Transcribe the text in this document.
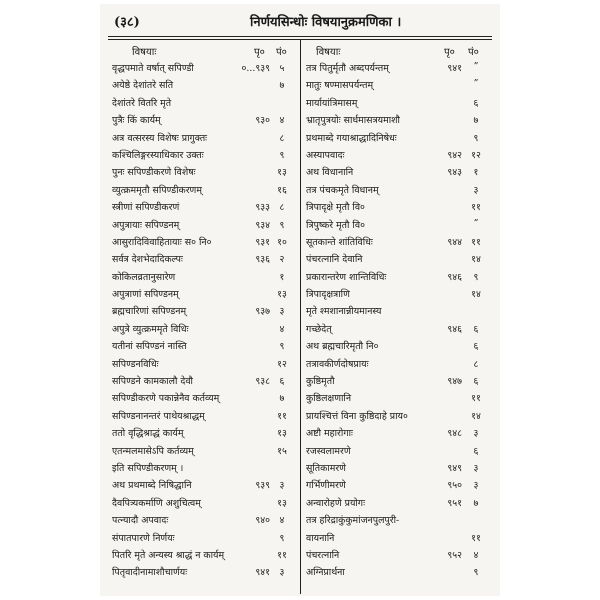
(३८)	निर्णयसिन्धोः विषयानुक्रमणिका ।
विषयाः	पृ० पं०
वृद्धपमाते वर्षात् सपिण्डी	०...९३९	५
अयेष्ठे देशांतरे सति	७
देशांतरे वितरि मृते
पुत्रैः किं कार्यम्	९३०	४
अत्र वत्सरस्य विशेषः प्रागुक्तः	८
कश्चिलिङ्गरस्याधिकार उक्तः	९
पुनः सपिण्डीकरणे विशेषः	१३
व्युत्क्रममृतौ सपिण्डीकरणम्	१६
स्त्रीणां सपिण्डीकरणं	९३३	८
अपुत्रायाः सपिण्डनम्	९३४	९
आसुरादिविवाहितायाः स० नि०	९३१ १०
सर्वत्र देशभेदादिकल्पः	९३६	२
कोकिलव्रतानुसारेण	१
अपुत्राणां सपिण्डनम्	१३
ब्रह्मचारिणां सपिण्डनम्	९३७	३
अपुत्रे व्युत्क्रममृते विधिः	४
यतीनां सपिण्डनं नास्ति	९
सपिण्डनविधिः	१२
सपिण्डने कामकालौ देवौ	९३८	६
सपिण्डीकरणे पकान्नेनैव कर्तव्यम्	७
सपिण्डनानन्तरं पाथेयश्राद्धम्	११
ततो वृद्धिश्राद्धं कार्यम्	१३
एतन्मलमासेऽपि कर्तव्यम्	१५
इति सपिण्डीकरणम् ।
अथ प्रथमाब्दे निषिद्धानि	९३९	३
दैवपित्र्यकर्माणि अशुचित्वम्	१३
पत्न्यादौ अपवादः	९४०	४
संपातपारणे निर्णयः	९
पितरि मृते अन्यस्य श्राद्धं न कार्यम्	११
पितृवादीनामाशौचार्णयः	९४१	३
विषयाः	पृ० पं०
तत्र पितुर्मृतौ अब्दपर्यन्तम्	९४१	”
मातुः षण्मासपर्यन्तम्	”
मार्यायांत्रिमासम्	६
भ्रातृपुत्रयोः सार्धमासत्रयमाशौ	७
प्रथमाब्दे गयाश्राद्धादिनिषेधः	९
अस्यापवादः	९४२ १२
अथ विधानानि	९४३	१
तत्र पंचकमृते विधानम्	३
त्रिपादृक्षे मृतौ वि०	११
त्रिपुष्करे मृतौ वि०	”
सूतकान्ते शांतिविधिः	९४४ ११
पंचरत्नानि देवानि	१४
प्रकारान्तरेण शान्तिविधिः	९४६	९
त्रिपादृक्षत्राणि	१४
मृते श्मशानान्नीयमानस्य
गच्छेदेत्	९४६	६
अथ ब्रह्मचारिमृतौ नि०	६
तत्रावकीर्णदोषप्रायः	८
कुष्ठिमृतौ	९४७	६
कुष्ठिलक्षणानि	११
प्रायश्चित्तं विना कुष्ठिदाहे प्राय०	१४
अष्टौ महारोगाः	९४८	३
रजस्वलामरणे	६
सूतिकामरणे	९४९	३
गर्भिणीमरणे	९५०	३
अन्वारोहणे प्रयोगः	९५१	७
तत्र हरिद्राकुंकुमांजनपुलपुरी-
वायनानि	११
पंचरत्नानि	९५२	४
अग्निप्रार्थना	९
